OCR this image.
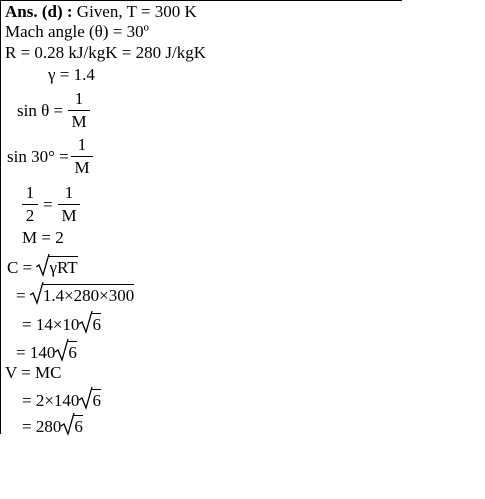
Ans. (d) : Given, T = 300 K
Mach angle (θ) = 30º
R = 0.28 kJ/kgK = 280 J/kgK
γ = 1.4
sin θ =
1
M
sin 30° =
1
M
1
2
=
1
M
M = 2
C = γRT
= 1.4×280×300
= 14×10 6
= 140 6
V = MC
= 2×140 6
= 280 6
